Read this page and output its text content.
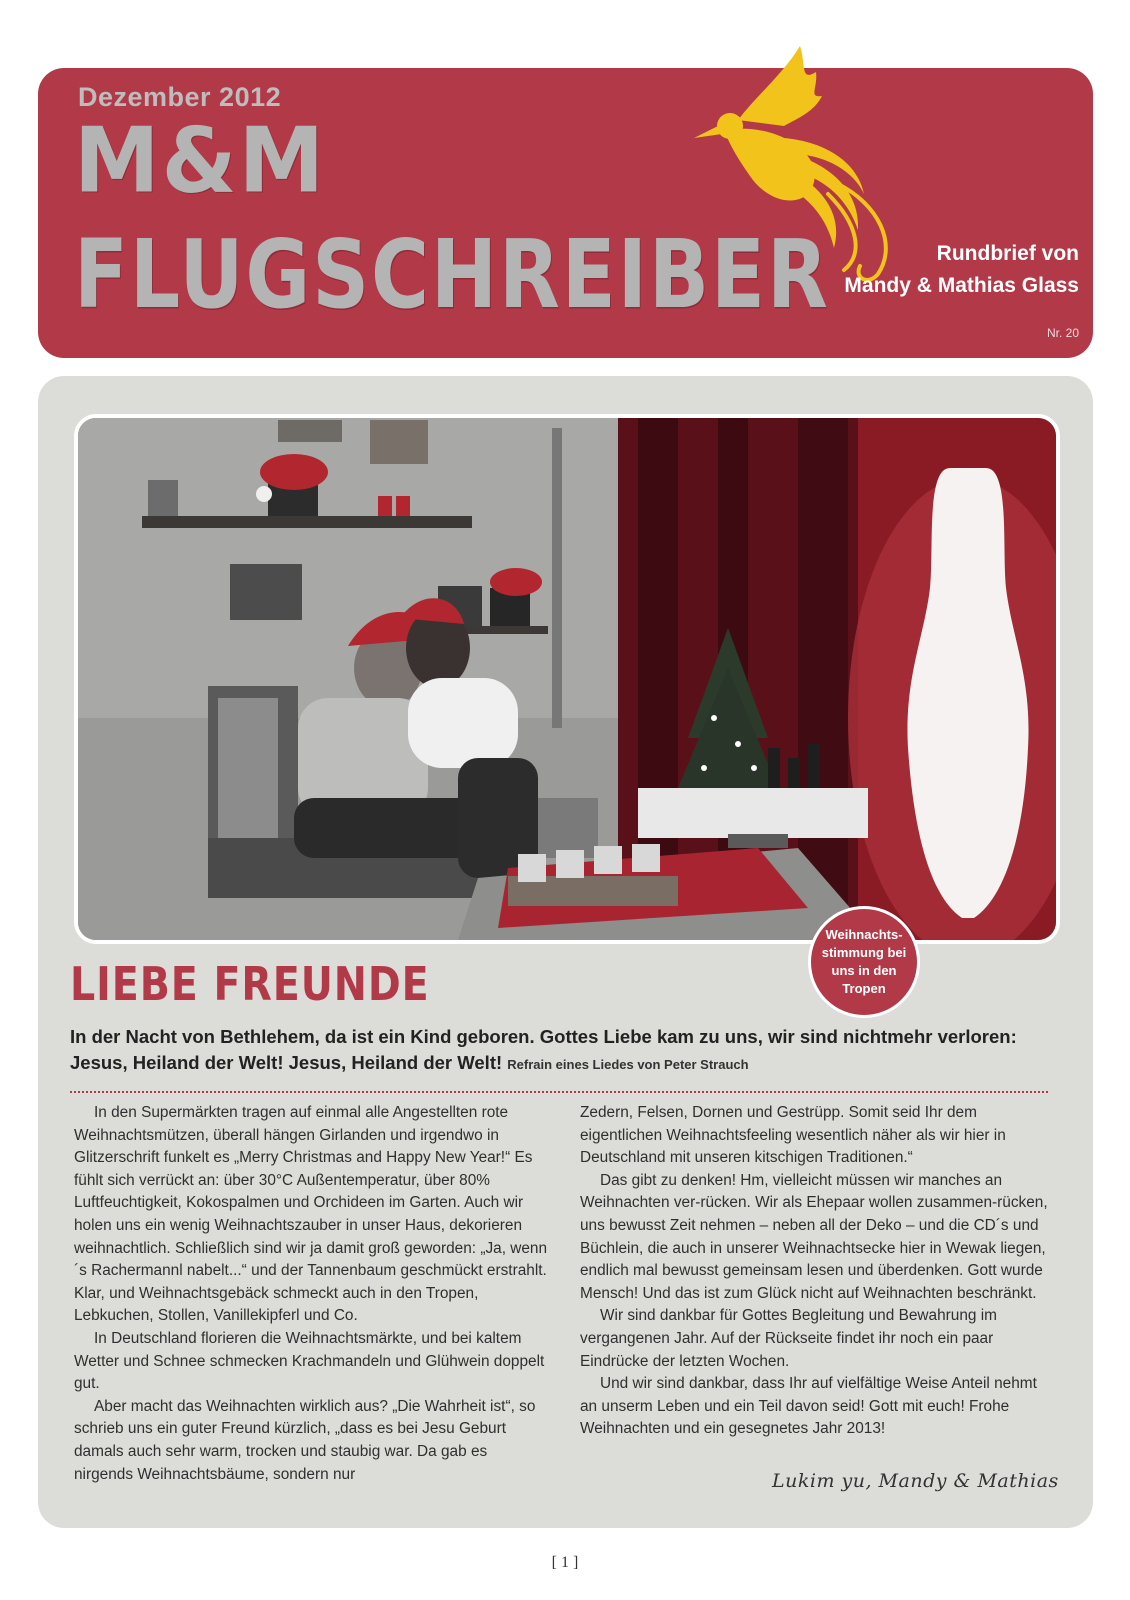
Dezember 2012
M&M
FLUGSCHREIBER	Rundbrief von
Mandy & Mathias Glass
Nr. 20
Weihnachts-stimmung bei uns in den Tropen
LIEBE FREUNDE
In der Nacht von Bethlehem, da ist ein Kind geboren. Gottes Liebe kam zu uns, wir sind nichtmehr verloren: Jesus, Heiland der Welt! Jesus, Heiland der Welt! Refrain eines Liedes von Peter Strauch

In den Supermärkten tragen auf einmal alle Angestellten rote Weihnachtsmützen, überall hängen Girlanden und irgendwo in Glitzerschrift funkelt es „Merry Christmas and Happy New Year!“ Es fühlt sich verrückt an: über 30°C Außentemperatur, über 80% Luftfeuchtigkeit, Kokospalmen und Orchideen im Garten. Auch wir holen uns ein wenig Weihnachtszauber in unser Haus, dekorieren weihnachtlich. Schließlich sind wir ja damit groß geworden: „Ja, wenn´s Rachermannl nabelt...“ und der Tannenbaum geschmückt erstrahlt. Klar, und Weihnachtsgebäck schmeckt auch in den Tropen, Lebkuchen, Stollen, Vanillekipferl und Co.

In Deutschland florieren die Weihnachtsmärkte, und bei kaltem Wetter und Schnee schmecken Krachmandeln und Glühwein doppelt gut.

Aber macht das Weihnachten wirklich aus? „Die Wahrheit ist“, so schrieb uns ein guter Freund kürzlich, „dass es bei Jesu Geburt damals auch sehr warm, trocken und staubig war. Da gab es nirgends Weihnachtsbäume, sondern nur

Zedern, Felsen, Dornen und Gestrüpp. Somit seid Ihr dem eigentlichen Weihnachtsfeeling wesentlich näher als wir hier in Deutschland mit unseren kitschigen Traditionen.“

Das gibt zu denken! Hm, vielleicht müssen wir manches an Weihnachten ver-rücken. Wir als Ehepaar wollen zusammen-rücken, uns bewusst Zeit nehmen – neben all der Deko – und die CD´s und Büchlein, die auch in unserer Weihnachtsecke hier in Wewak liegen, endlich mal bewusst gemeinsam lesen und überdenken. Gott wurde Mensch! Und das ist zum Glück nicht auf Weihnachten beschränkt.

Wir sind dankbar für Gottes Begleitung und Bewahrung im vergangenen Jahr. Auf der Rückseite findet ihr noch ein paar Eindrücke der letzten Wochen.

Und wir sind dankbar, dass Ihr auf vielfältige Weise Anteil nehmt an unserm Leben und ein Teil davon seid! Gott mit euch! Frohe Weihnachten und ein gesegnetes Jahr 2013!

Lukim yu, Mandy & Mathias
[ 1 ]
